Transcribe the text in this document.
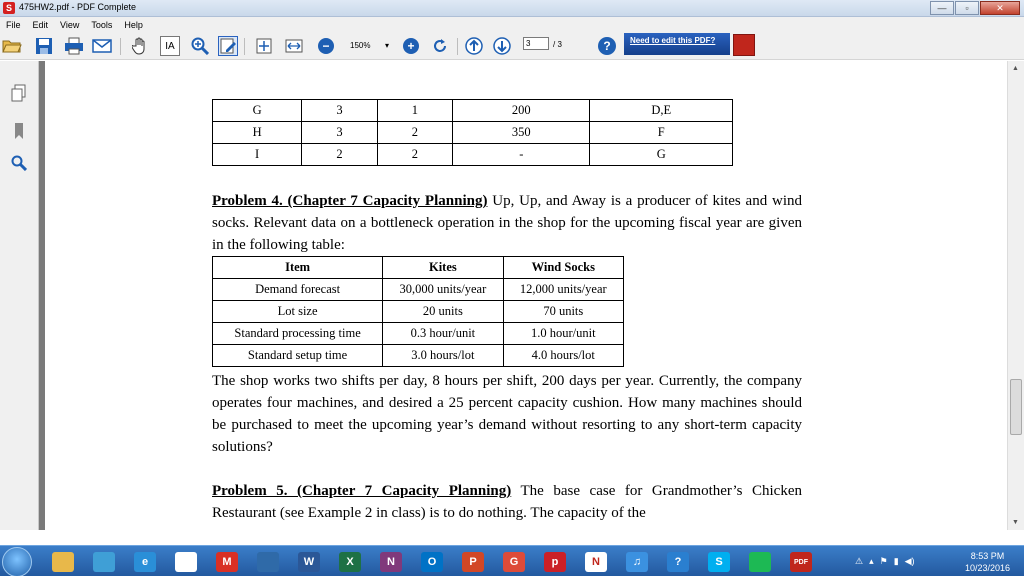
S 475HW2.pdf - PDF Complete	—	▫	✕
File Edit View Tools Help
IA	−	150% ▾	+	3	/ 3	?	Need to edit this PDF?
G	3	1	200	D,E
H	3	2	350	F
I	2	2	-	G
Problem 4. (Chapter 7 Capacity Planning) Up, Up, and Away is a producer of kites and wind socks. Relevant data on a bottleneck operation in the shop for the upcoming fiscal year are given in the following table:
Item	Kites	Wind Socks
Demand forecast	30,000 units/year	12,000 units/year
Lot size	20 units	70 units
Standard processing time	0.3 hour/unit	1.0 hour/unit
Standard setup time	3.0 hours/lot	4.0 hours/lot
The shop works two shifts per day, 8 hours per shift, 200 days per year. Currently, the company operates four machines, and desired a 25 percent capacity cushion. How many machines should be purchased to meet the upcoming year’s demand without resorting to any short-term capacity solutions?
Problem 5. (Chapter 7 Capacity Planning) The base case for Grandmother’s Chicken Restaurant (see Example 2 in class) is to do nothing. The capacity of the
▲
▼
e	M	W	X	N	O	P	G	p	N	♫	?	S	PDF	⚠ ▴ ⚑ ▮ ◀)	8:53 PM
10/23/2016
